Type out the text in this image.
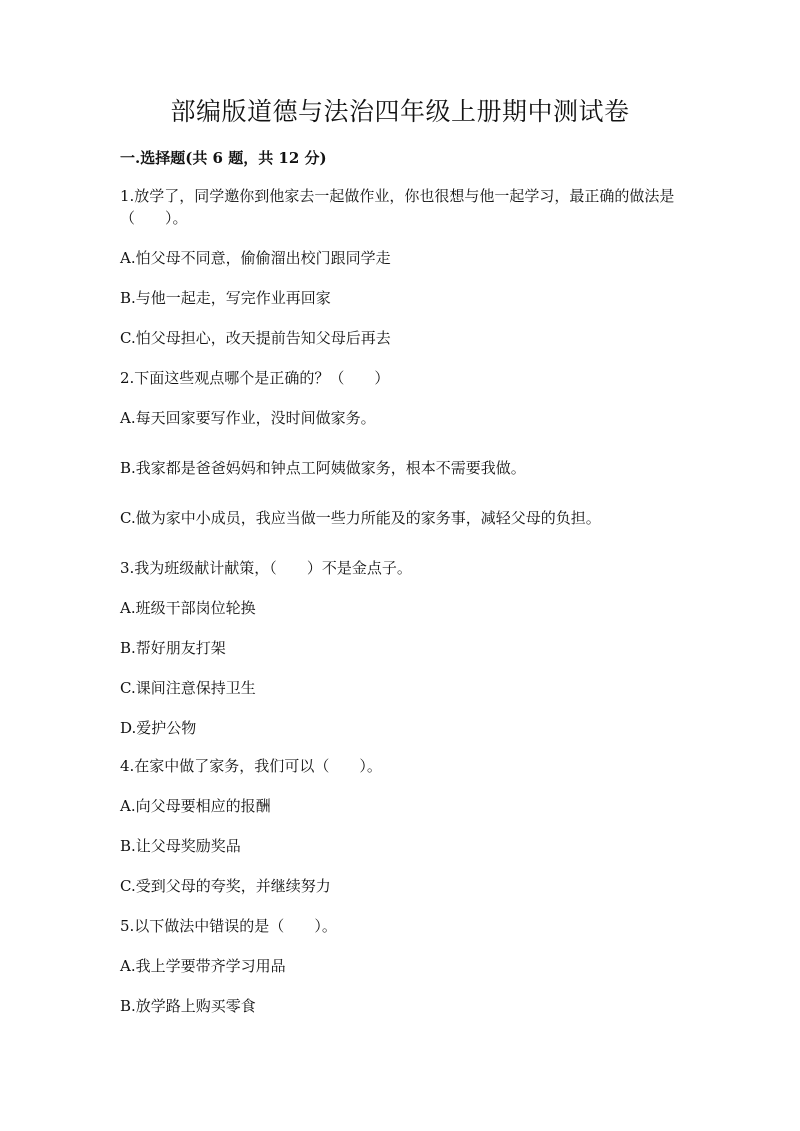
部编版道德与法治四年级上册期中测试卷
一.选择题(共 6 题，共 12 分)
1.放学了，同学邀你到他家去一起做作业，你也很想与他一起学习，最正确的做法是（　　）。
A.怕父母不同意，偷偷溜出校门跟同学走
B.与他一起走，写完作业再回家
C.怕父母担心，改天提前告知父母后再去
2.下面这些观点哪个是正确的？（　　）
A.每天回家要写作业，没时间做家务。
B.我家都是爸爸妈妈和钟点工阿姨做家务，根本不需要我做。
C.做为家中小成员，我应当做一些力所能及的家务事，减轻父母的负担。
3.我为班级献计献策，（　　）不是金点子。
A.班级干部岗位轮换
B.帮好朋友打架
C.课间注意保持卫生
D.爱护公物
4.在家中做了家务，我们可以（　　）。
A.向父母要相应的报酬
B.让父母奖励奖品
C.受到父母的夸奖，并继续努力
5.以下做法中错误的是（　　）。
A.我上学要带齐学习用品
B.放学路上购买零食
